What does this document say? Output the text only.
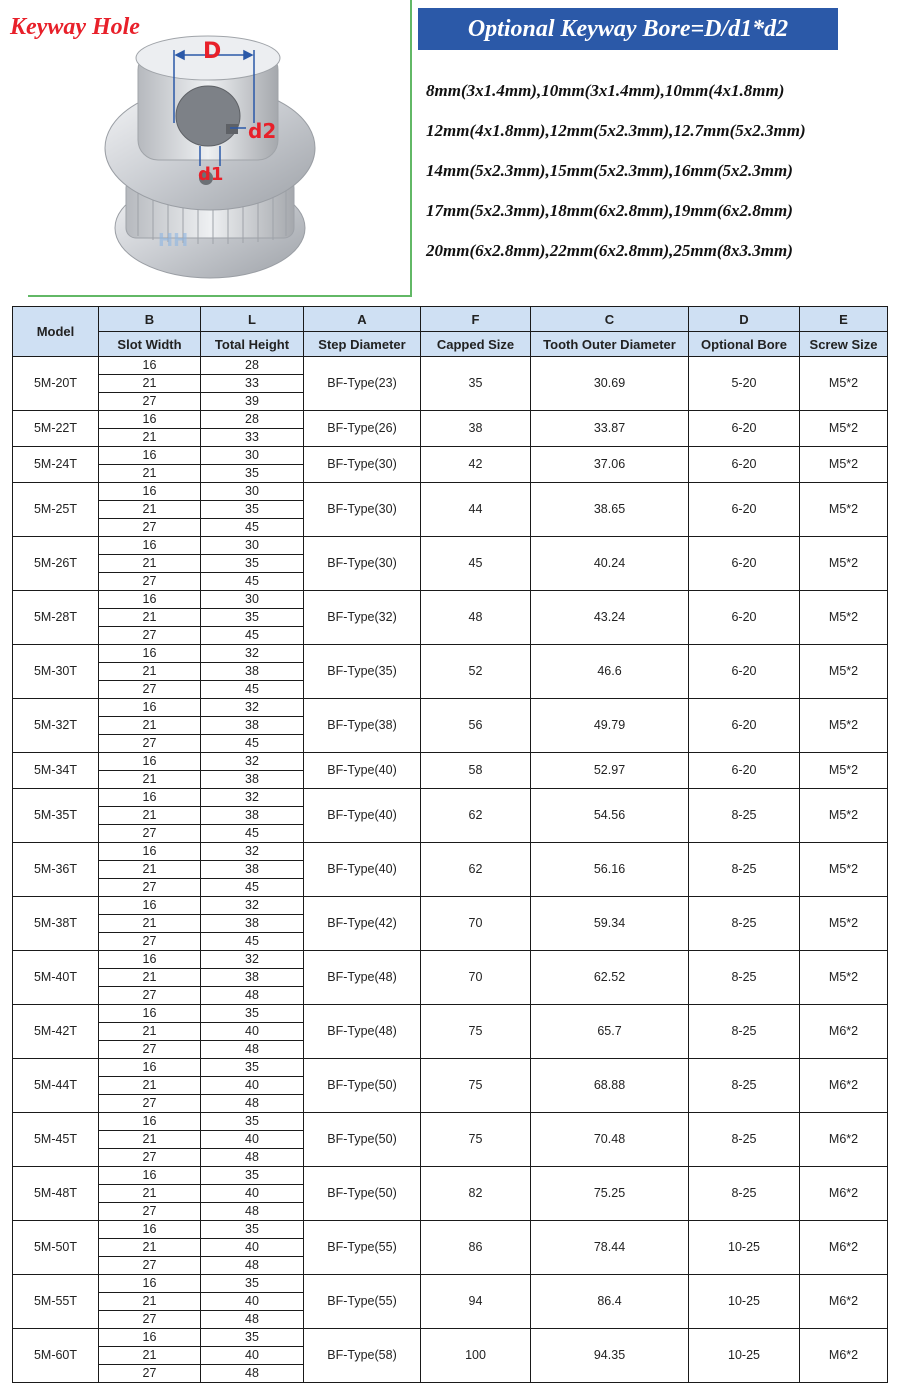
Keyway Hole
D
d2
d1
HH
Optional Keyway Bore=D/d1*d2
8mm(3x1.4mm),10mm(3x1.4mm),10mm(4x1.8mm)
12mm(4x1.8mm),12mm(5x2.3mm),12.7mm(5x2.3mm)
14mm(5x2.3mm),15mm(5x2.3mm),16mm(5x2.3mm)
17mm(5x2.3mm),18mm(6x2.8mm),19mm(6x2.8mm)
20mm(6x2.8mm),22mm(6x2.8mm),25mm(8x3.3mm)
Model	B	L	A	F	C	D	E
	Slot Width	Total Height	Step Diameter	Capped Size	Tooth Outer Diameter	Optional Bore	Screw Size
5M-20T	16	28	BF-Type(23)	35	30.69	5-20	M5*2
	21	33					
	27	39					
5M-22T	16	28	BF-Type(26)	38	33.87	6-20	M5*2
	21	33					
5M-24T	16	30	BF-Type(30)	42	37.06	6-20	M5*2
	21	35					
5M-25T	16	30	BF-Type(30)	44	38.65	6-20	M5*2
	21	35					
	27	45					
5M-26T	16	30	BF-Type(30)	45	40.24	6-20	M5*2
	21	35					
	27	45					
5M-28T	16	30	BF-Type(32)	48	43.24	6-20	M5*2
	21	35					
	27	45					
5M-30T	16	32	BF-Type(35)	52	46.6	6-20	M5*2
	21	38					
	27	45					
5M-32T	16	32	BF-Type(38)	56	49.79	6-20	M5*2
	21	38					
	27	45					
5M-34T	16	32	BF-Type(40)	58	52.97	6-20	M5*2
	21	38					
5M-35T	16	32	BF-Type(40)	62	54.56	8-25	M5*2
	21	38					
	27	45					
5M-36T	16	32	BF-Type(40)	62	56.16	8-25	M5*2
	21	38					
	27	45					
5M-38T	16	32	BF-Type(42)	70	59.34	8-25	M5*2
	21	38					
	27	45					
5M-40T	16	32	BF-Type(48)	70	62.52	8-25	M5*2
	21	38					
	27	48					
5M-42T	16	35	BF-Type(48)	75	65.7	8-25	M6*2
	21	40					
	27	48					
5M-44T	16	35	BF-Type(50)	75	68.88	8-25	M6*2
	21	40					
	27	48					
5M-45T	16	35	BF-Type(50)	75	70.48	8-25	M6*2
	21	40					
	27	48					
5M-48T	16	35	BF-Type(50)	82	75.25	8-25	M6*2
	21	40					
	27	48					
5M-50T	16	35	BF-Type(55)	86	78.44	10-25	M6*2
	21	40					
	27	48					
5M-55T	16	35	BF-Type(55)	94	86.4	10-25	M6*2
	21	40					
	27	48					
5M-60T	16	35	BF-Type(58)	100	94.35	10-25	M6*2
	21	40					
	27	48					
